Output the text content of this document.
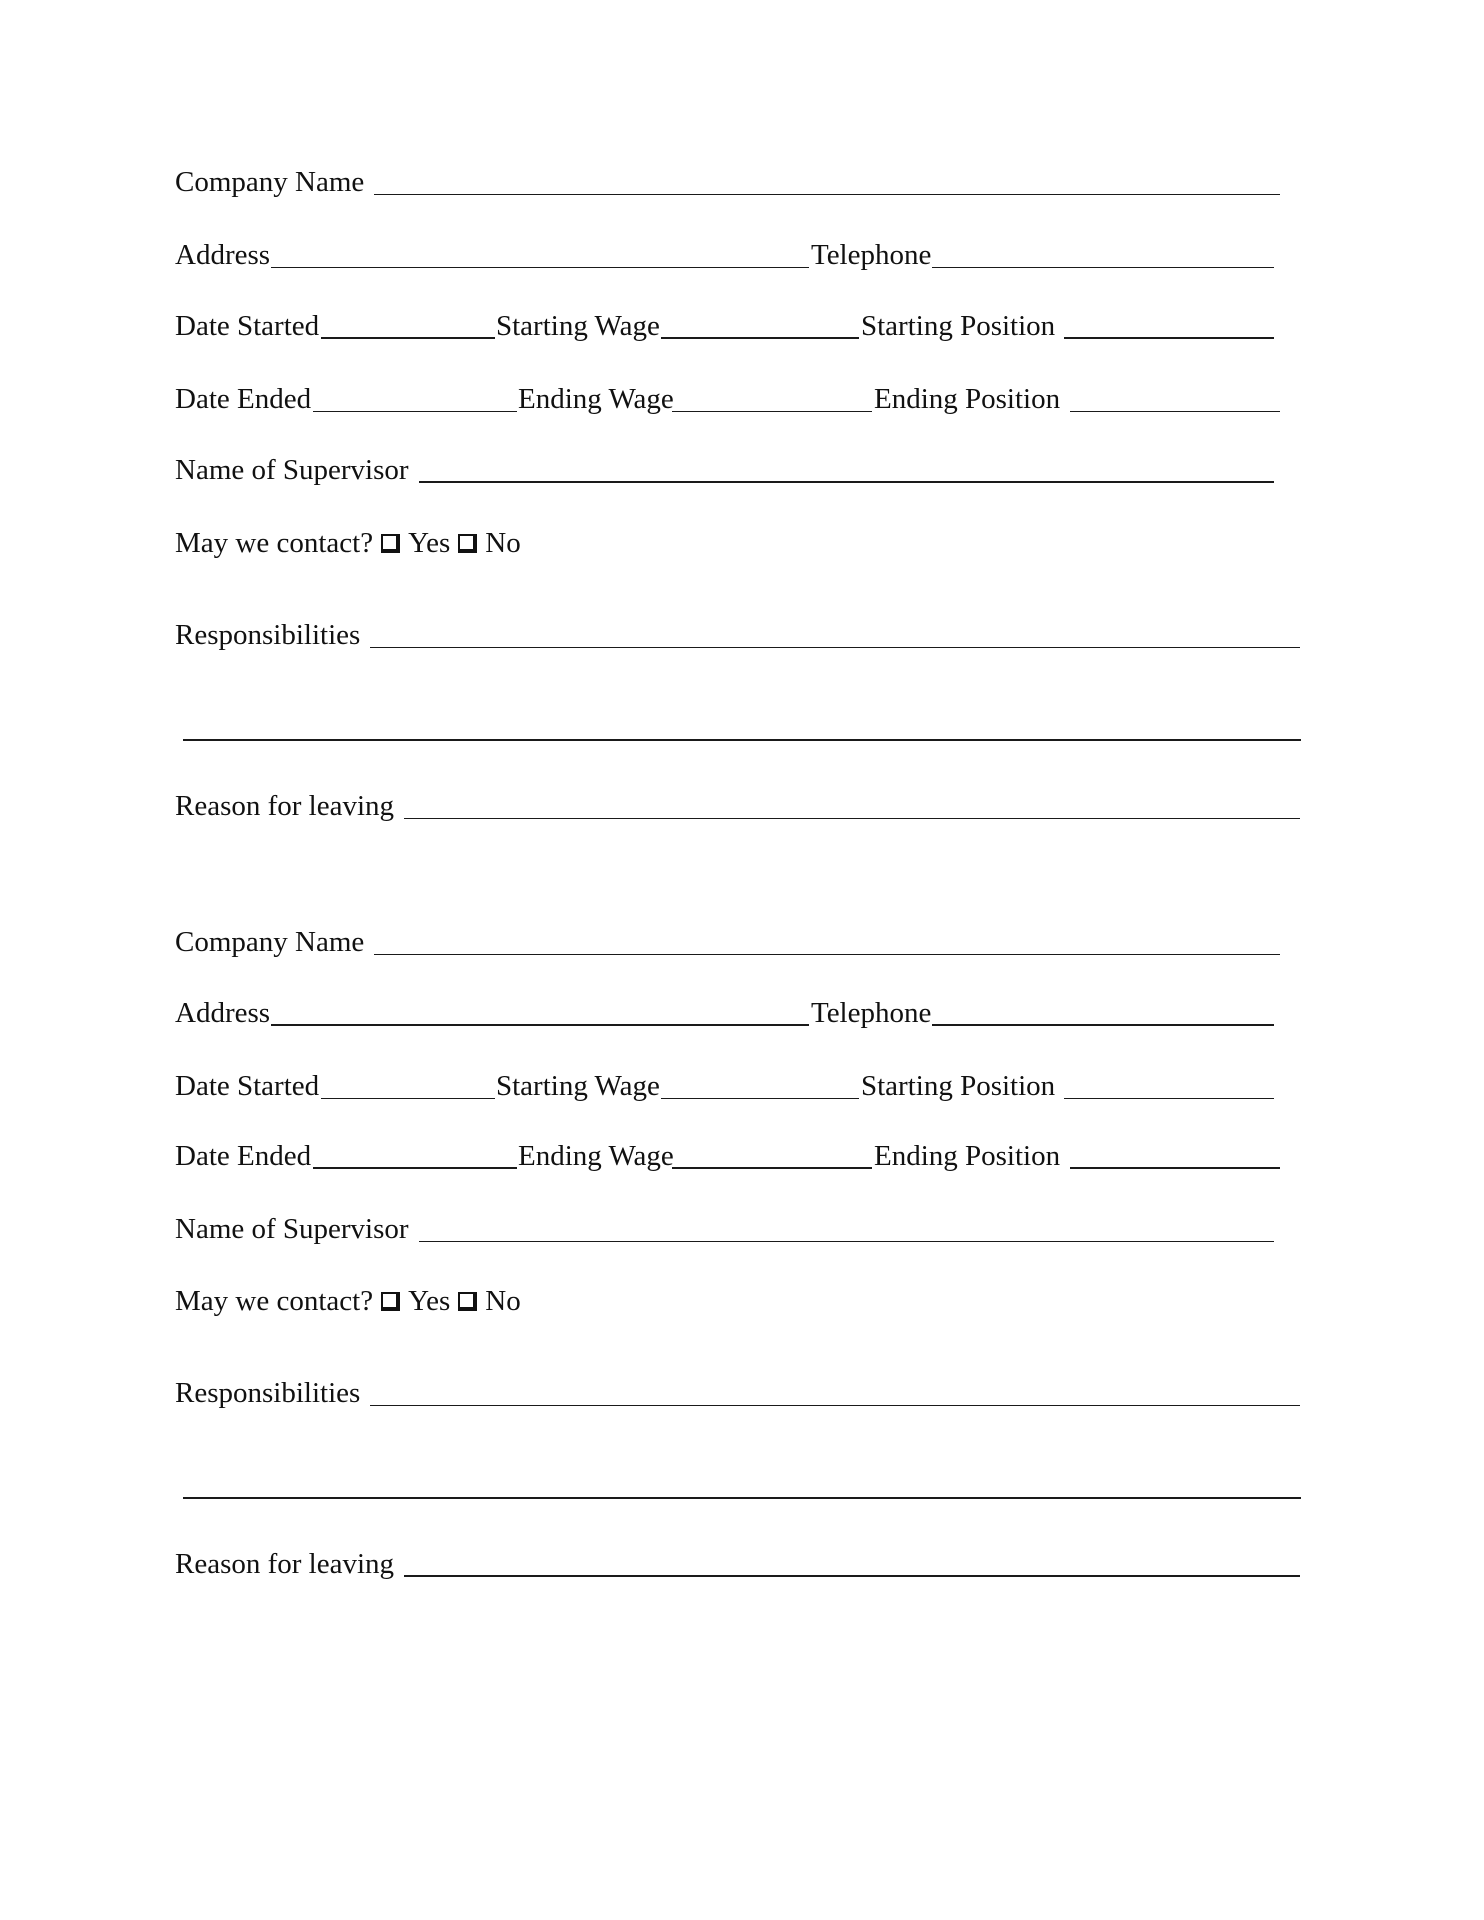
Company Name
Address	Telephone
Date Started	Starting Wage	Starting Position
Date Ended	Ending Wage	Ending Position
Name of Supervisor
May we contact? Yes No
Responsibilities
Reason for leaving
Company Name
Address	Telephone
Date Started	Starting Wage	Starting Position
Date Ended	Ending Wage	Ending Position
Name of Supervisor
May we contact? Yes No
Responsibilities
Reason for leaving
